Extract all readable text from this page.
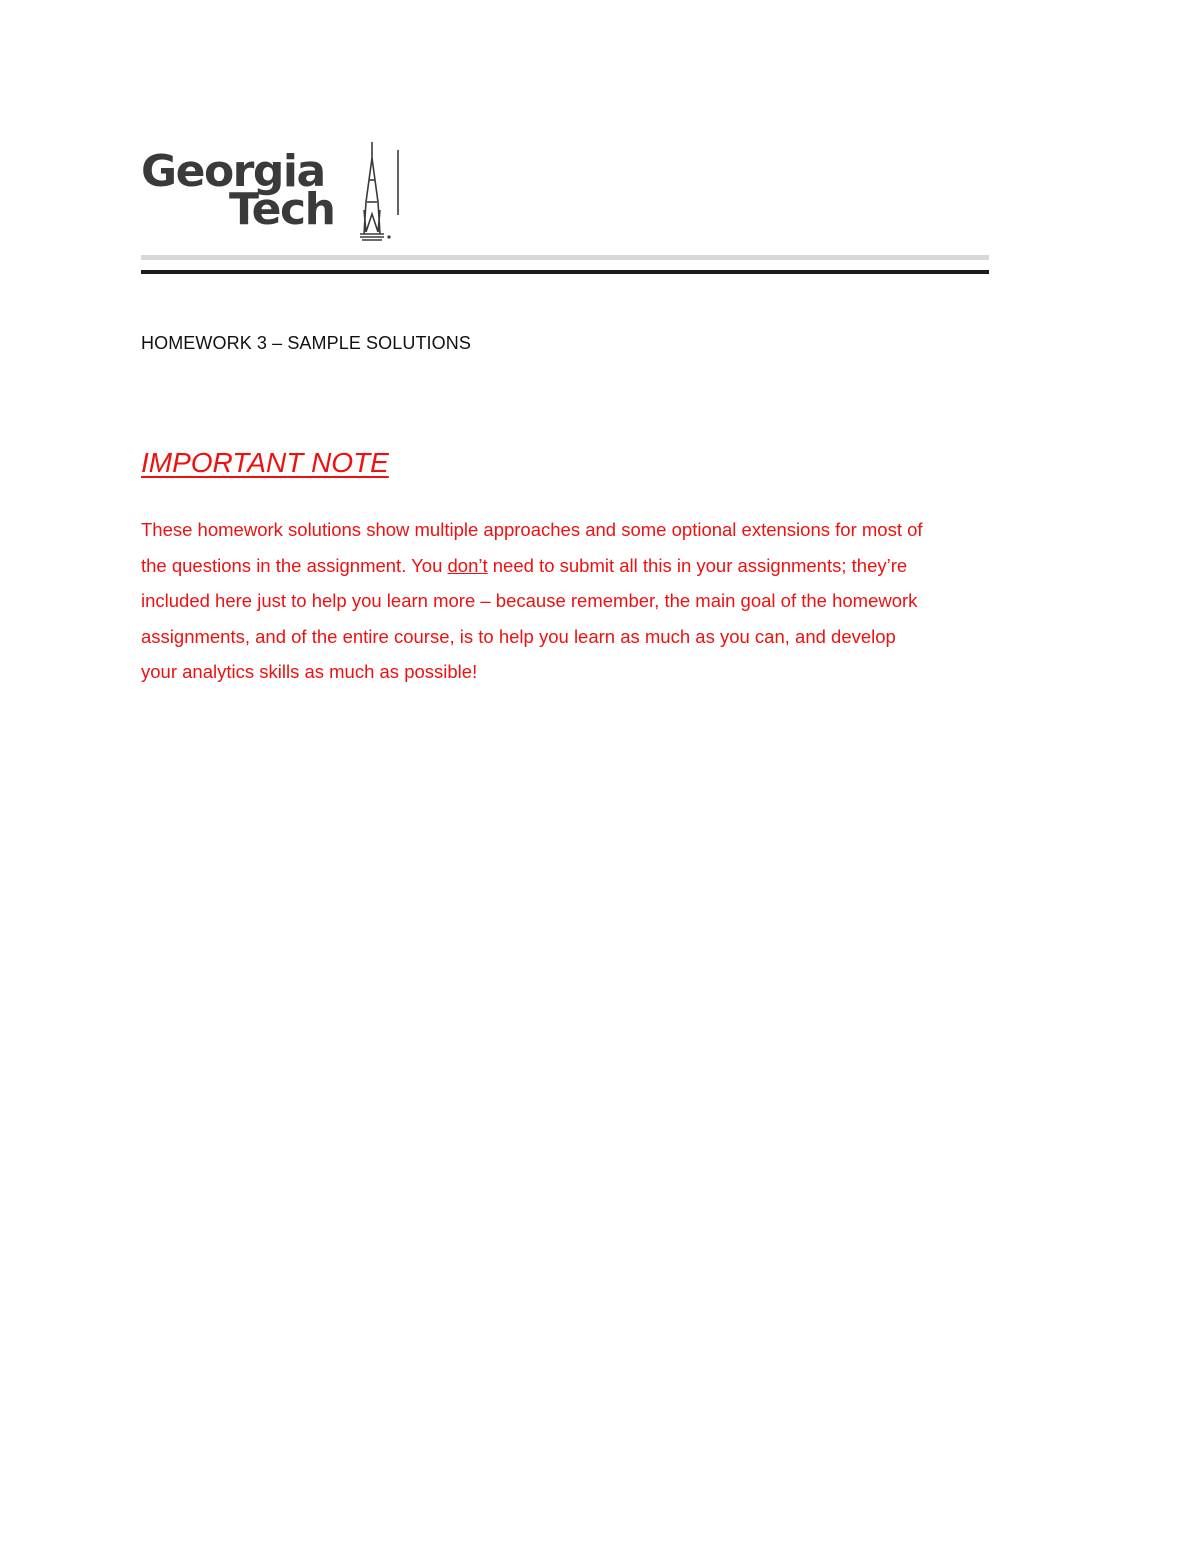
Georgia
Tech
HOMEWORK 3 – SAMPLE SOLUTIONS
IMPORTANT NOTE
These homework solutions show multiple approaches and some optional extensions for most of
the questions in the assignment. You don’t need to submit all this in your assignments; they’re
included here just to help you learn more – because remember, the main goal of the homework
assignments, and of the entire course, is to help you learn as much as you can, and develop
your analytics skills as much as possible!
